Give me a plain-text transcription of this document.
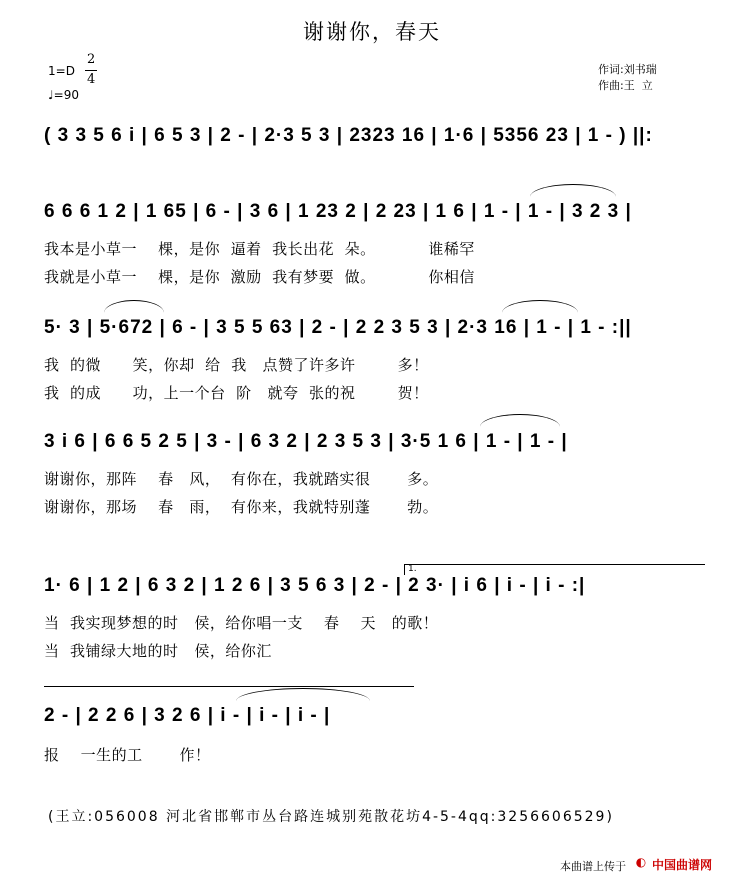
谢谢你，春天
1=D
2
4
♩=90
作词:刘书瑞
作曲:王  立
( 3 3 5 6 i | 6 5 3 | 2 - | 2·3 5 3 | 2323 16 | 1·6 | 5356 23 | 1 - ) ||:
6 6 6 1 2 | 1 65 | 6 - | 3 6 | 1 23 2 | 2 23 | 1 6 | 1 - | 1 - | 3 2 3 |
我本是小草一    棵，是你  逼着  我长出花  朵。          谁稀罕
我就是小草一    棵，是你  激励  我有梦要  做。          你相信
5· 3 | 5·672 | 6 - | 3 5 5 63 | 2 - | 2 2 3 5 3 | 2·3 16 | 1 - | 1 - :||
我  的微      笑，你却  给  我   点赞了许多许        多！
我  的成      功，上一个台  阶   就夸  张的祝        贺！
3 i 6 | 6 6 5 2 5 | 3 - | 6 3 2 | 2 3 5 3 | 3·5 1 6 | 1 - | 1 - |
谢谢你，那阵    春   风，  有你在，我就踏实很       多。
谢谢你，那场    春   雨，  有你来，我就特别蓬       勃。
1.
1· 6 | 1 2 | 6 3 2 | 1 2 6 | 3 5 6 3 | 2 - | 2 3· | i 6 | i - | i - :|
当  我实现梦想的时   侯，给你唱一支    春    天   的歌！
当  我铺绿大地的时   侯，给你汇
2 - | 2 2 6 | 3 2 6 | i - | i - | i - |
报    一生的工       作！
(王立:056008 河北省邯郸市丛台路连城别苑散花坊4-5-4qq:3256606529)
本曲谱上传于 ◐ 中国曲谱网
